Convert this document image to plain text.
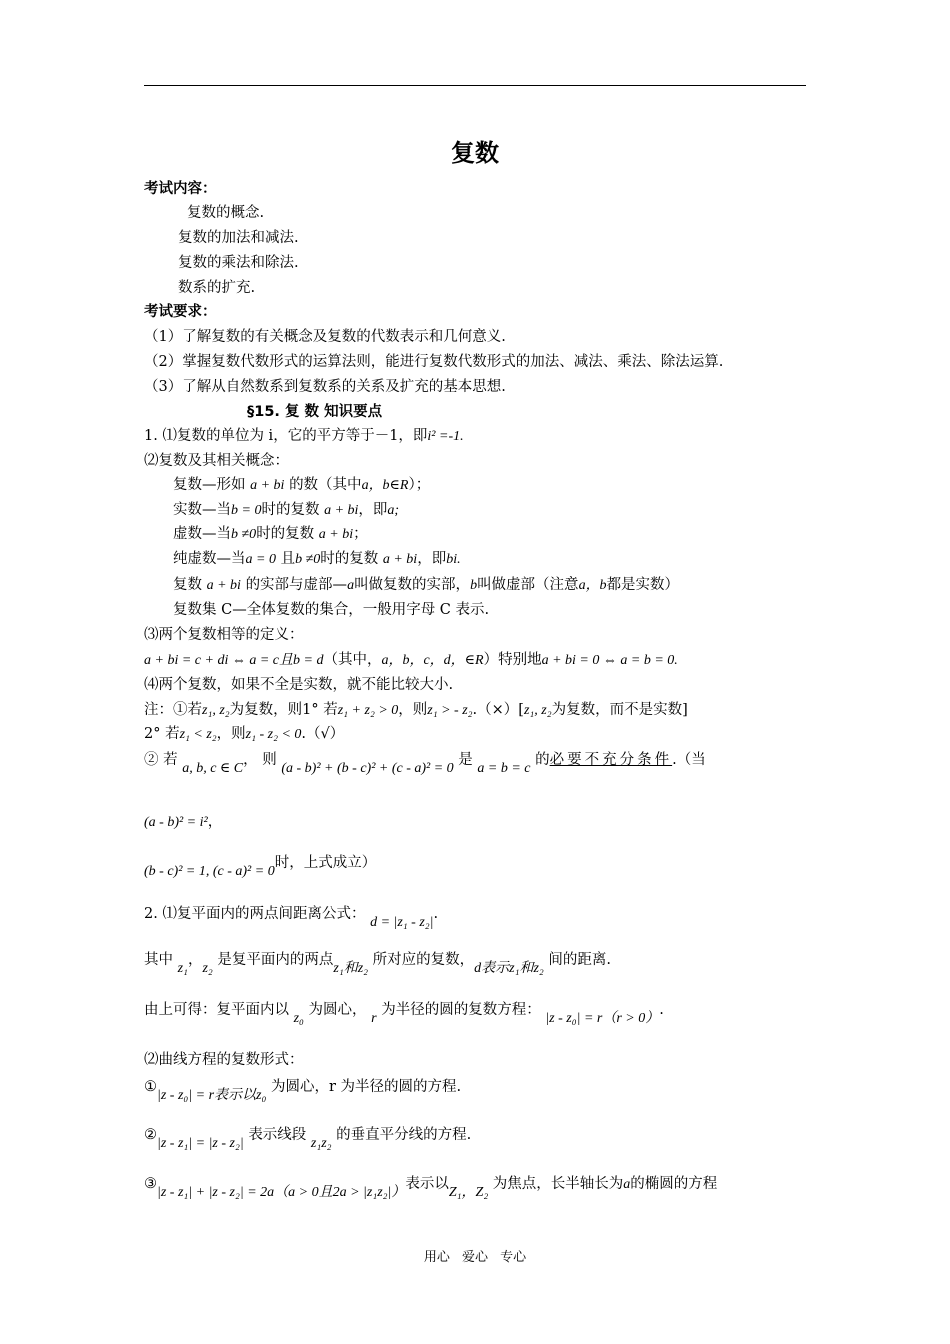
复数
考试内容：
复数的概念.
复数的加法和减法.
复数的乘法和除法.
数系的扩充.
考试要求：
（1）了解复数的有关概念及复数的代数表示和几何意义.
（2）掌握复数代数形式的运算法则，能进行复数代数形式的加法、减法、乘法、除法运算.
（3）了解从自然数系到复数系的关系及扩充的基本思想.
§15. 复 数 知识要点
1. ⑴复数的单位为 i，它的平方等于－1，即i² =-1.
⑵复数及其相关概念：
复数—形如 a + bi 的数（其中a，b∈R）；
实数—当b = 0时的复数 a + bi，即a;
虚数—当b ≠0时的复数 a + bi；
纯虚数—当a = 0 且b ≠0时的复数 a + bi，即bi.
复数 a + bi 的实部与虚部—a叫做复数的实部，b叫做虚部（注意a，b都是实数）
复数集 C—全体复数的集合，一般用字母 C 表示.
⑶两个复数相等的定义：
a + bi = c + di ⇔ a = c且b = d（其中，a，b，c，d，∈R）特别地a + bi = 0 ⇔ a = b = 0.
⑷两个复数，如果不全是实数，就不能比较大小.
注：①若z₁, z₂为复数，则1° 若z₁ + z₂ > 0，则z₁ > - z₂.（×）[z₁, z₂为复数，而不是实数]
2° 若z₁ < z₂，则z₁ - z₂ < 0.（√）
② 若 a, b, c ∈ C， 则 (a - b)² + (b - c)² + (c - a)² = 0 是 a = b = c 的必要不充分条件.（当
(a - b)² = i²，
(b - c)² = 1, (c - a)² = 0时，上式成立）
2. ⑴复平面内的两点间距离公式： d = |z₁ - z₂|.
其中 z₁，z₂ 是复平面内的两点z₁和z₂ 所对应的复数，d表示z₁和z₂ 间的距离.
由上可得：复平面内以 z₀ 为圆心， r 为半径的圆的复数方程： |z - z₀| = r（r > 0）.
⑵曲线方程的复数形式：
①|z - z₀| = r表示以z₀ 为圆心，r 为半径的圆的方程.
②|z - z₁| = |z - z₂| 表示线段 z₁z₂ 的垂直平分线的方程.
③|z - z₁| + |z - z₂| = 2a（a > 0且2a > |z₁z₂|）表示以Z₁，Z₂ 为焦点，长半轴长为a的椭圆的方程
用心 爱心 专心
